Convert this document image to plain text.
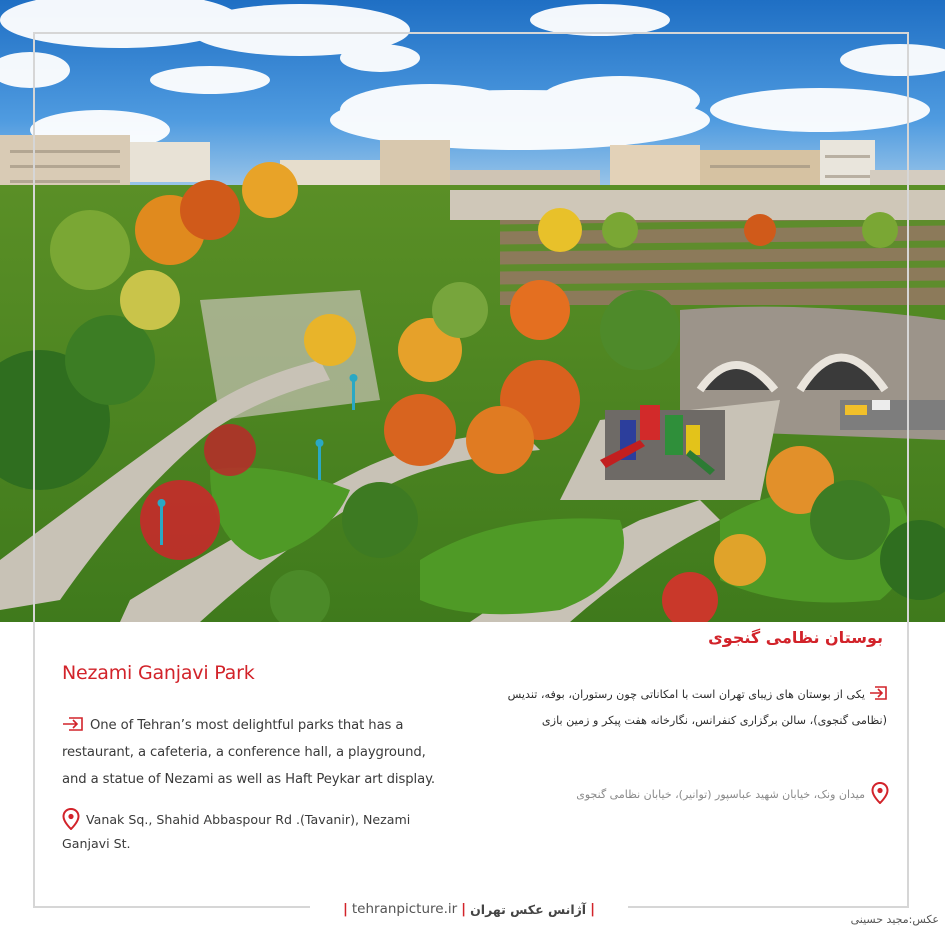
Nezami Ganjavi Park

One of Tehran’s most delightful parks that has a restaurant, a cafeteria, a conference hall, a playground, and a statue of Nezami as well as Haft Peykar art display.

Vanak Sq., Shahid Abbaspour Rd .(Tavanir), Nezami Ganjavi St.

بوستان نظامی گنجوی

یکی از بوستان های زیبای تهران است با امکاناتی چون رستوران، بوفه، تندیس (نظامی گنجوی)، سالن برگزاری کنفرانس، نگارخانه هفت پیکر و زمین بازی

میدان ونک، خیابان شهید عباسپور (توانیر)، خیابان نظامی گنجوی

| tehranpicture.ir | آژانس عکس تهران |

عکس:مجید حسینی
